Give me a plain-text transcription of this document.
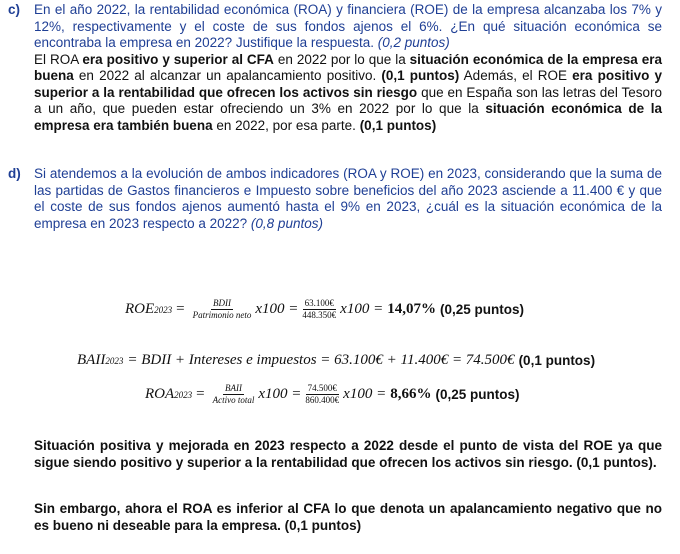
c) En el año 2022, la rentabilidad económica (ROA) y financiera (ROE) de la empresa alcanzaba los 7% y 12%, respectivamente y el coste de sus fondos ajenos el 6%. ¿En qué situación económica se encontraba la empresa en 2022? Justifique la respuesta. (0,2 puntos)
El ROA era positivo y superior al CFA en 2022 por lo que la situación económica de la empresa era buena en 2022 al alcanzar un apalancamiento positivo. (0,1 puntos) Además, el ROE era positivo y superior a la rentabilidad que ofrecen los activos sin riesgo que en España son las letras del Tesoro a un año, que pueden estar ofreciendo un 3% en 2022 por lo que la situación económica de la empresa era también buena en 2022, por esa parte. (0,1 puntos)
d) Si atendemos a la evolución de ambos indicadores (ROA y ROE) en 2023, considerando que la suma de las partidas de Gastos financieros e Impuesto sobre beneficios del año 2023 asciende a 11.400 € y que el coste de sus fondos ajenos aumentó hasta el 9% en 2023, ¿cuál es la situación económica de la empresa en 2023 respecto a 2022? (0,8 puntos)
ROE $2023 = \frac{\text{BDII}}{\text{Patrimonio neto}} x100 = \frac{63.100€}{448.350€} x100 = 14,07\%$ (0,25 puntos)
BAII 2023 = BDII + Intereses e impuestos = 63.100€ + 11.400€ = 74.500€ (0,1 puntos)
ROA $2023 = \frac{\text{BAII}}{\text{Activo total}} x100 = \frac{74.500€}{860.400€} x100 = 8,66\%$ (0,25 puntos)
Situación positiva y mejorada en 2023 respecto a 2022 desde el punto de vista del ROE ya que sigue siendo positivo y superior a la rentabilidad que ofrecen los activos sin riesgo. (0,1 puntos).
Sin embargo, ahora el ROA es inferior al CFA lo que denota un apalancamiento negativo que no es bueno ni deseable para la empresa. (0,1 puntos)
